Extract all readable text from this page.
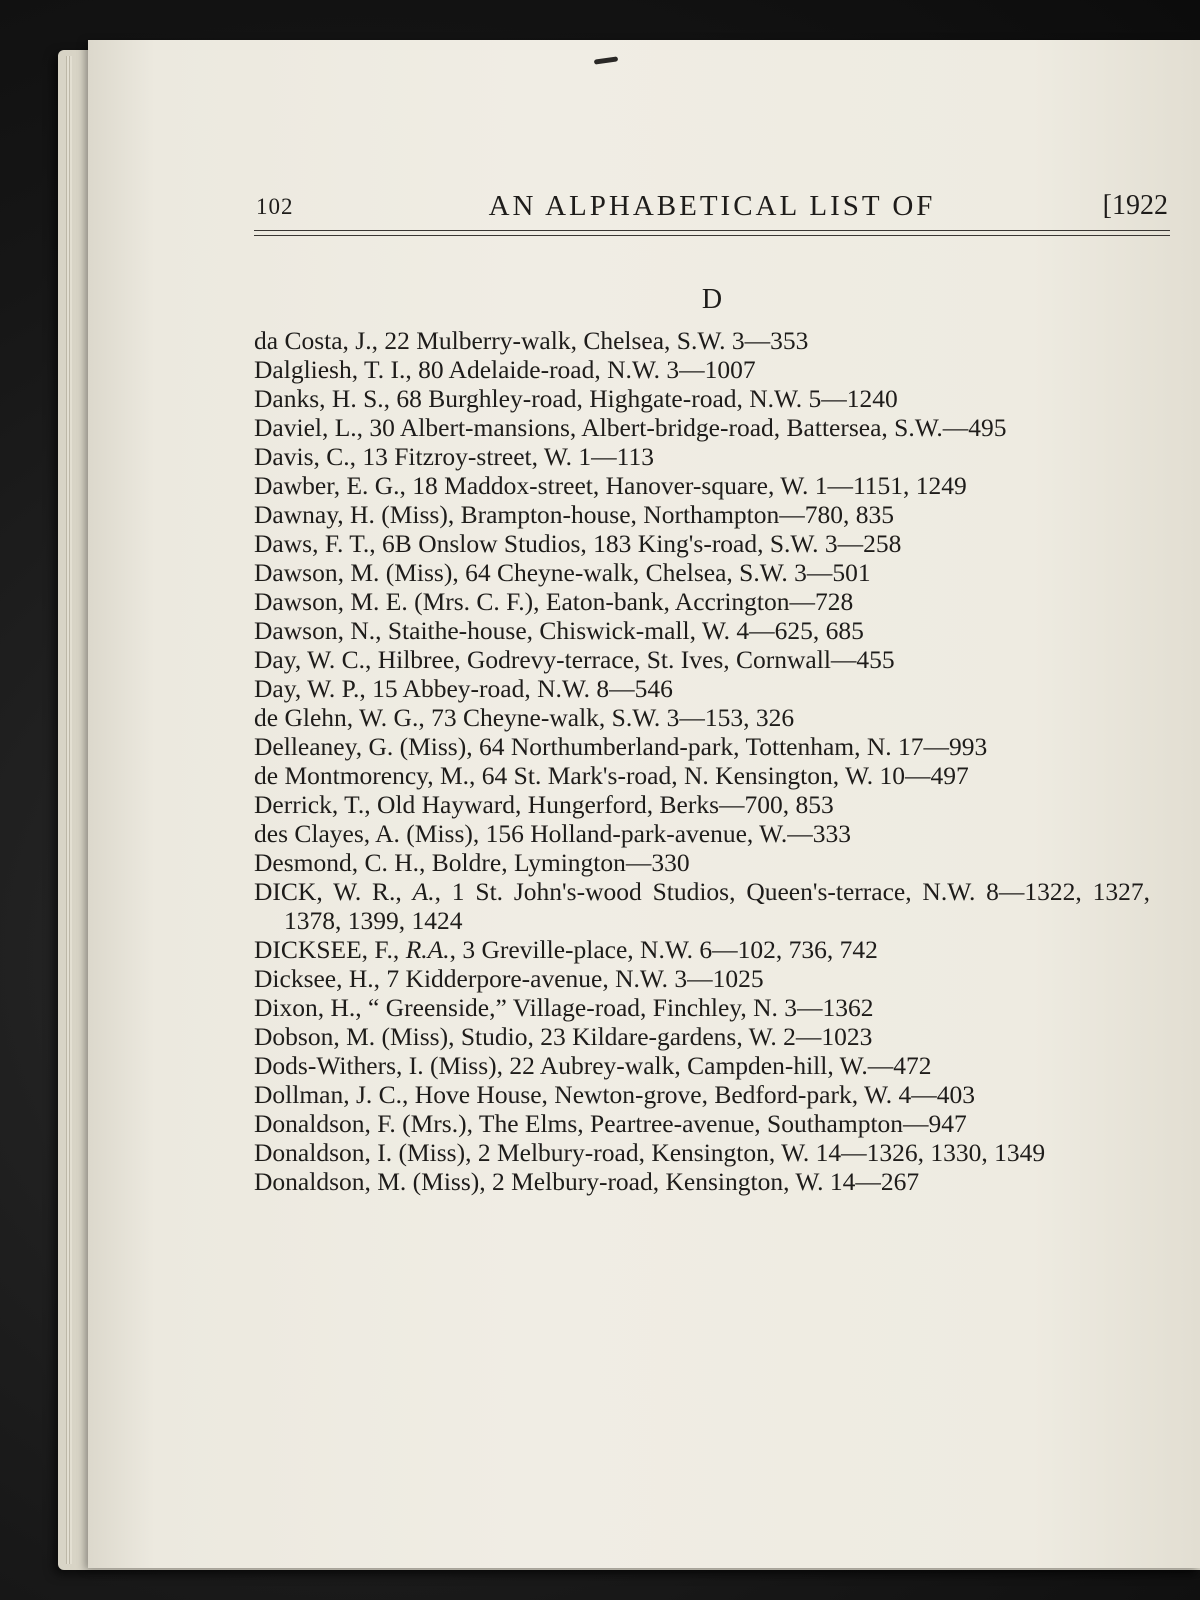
102	AN ALPHABETICAL LIST OF	[1922
D
da Costa, J., 22 Mulberry-walk, Chelsea, S.W. 3—353
Dalgliesh, T. I., 80 Adelaide-road, N.W. 3—1007
Danks, H. S., 68 Burghley-road, Highgate-road, N.W. 5—1240
Daviel, L., 30 Albert-mansions, Albert-bridge-road, Battersea, S.W.—495
Davis, C., 13 Fitzroy-street, W. 1—113
Dawber, E. G., 18 Maddox-street, Hanover-square, W. 1—1151, 1249
Dawnay, H. (Miss), Brampton-house, Northampton—780, 835
Daws, F. T., 6B Onslow Studios, 183 King's-road, S.W. 3—258
Dawson, M. (Miss), 64 Cheyne-walk, Chelsea, S.W. 3—501
Dawson, M. E. (Mrs. C. F.), Eaton-bank, Accrington—728
Dawson, N., Staithe-house, Chiswick-mall, W. 4—625, 685
Day, W. C., Hilbree, Godrevy-terrace, St. Ives, Cornwall—455
Day, W. P., 15 Abbey-road, N.W. 8—546
de Glehn, W. G., 73 Cheyne-walk, S.W. 3—153, 326
Delleaney, G. (Miss), 64 Northumberland-park, Tottenham, N. 17—993
de Montmorency, M., 64 St. Mark's-road, N. Kensington, W. 10—497
Derrick, T., Old Hayward, Hungerford, Berks—700, 853
des Clayes, A. (Miss), 156 Holland-park-avenue, W.—333
Desmond, C. H., Boldre, Lymington—330
DICK, W. R., A., 1 St. John's-wood Studios, Queen's-terrace, N.W. 8—1322, 1327, 1378, 1399, 1424
DICKSEE, F., R.A., 3 Greville-place, N.W. 6—102, 736, 742
Dicksee, H., 7 Kidderpore-avenue, N.W. 3—1025
Dixon, H., “ Greenside,” Village-road, Finchley, N. 3—1362
Dobson, M. (Miss), Studio, 23 Kildare-gardens, W. 2—1023
Dods-Withers, I. (Miss), 22 Aubrey-walk, Campden-hill, W.—472
Dollman, J. C., Hove House, Newton-grove, Bedford-park, W. 4—403
Donaldson, F. (Mrs.), The Elms, Peartree-avenue, Southampton—947
Donaldson, I. (Miss), 2 Melbury-road, Kensington, W. 14—1326, 1330, 1349
Donaldson, M. (Miss), 2 Melbury-road, Kensington, W. 14—267
